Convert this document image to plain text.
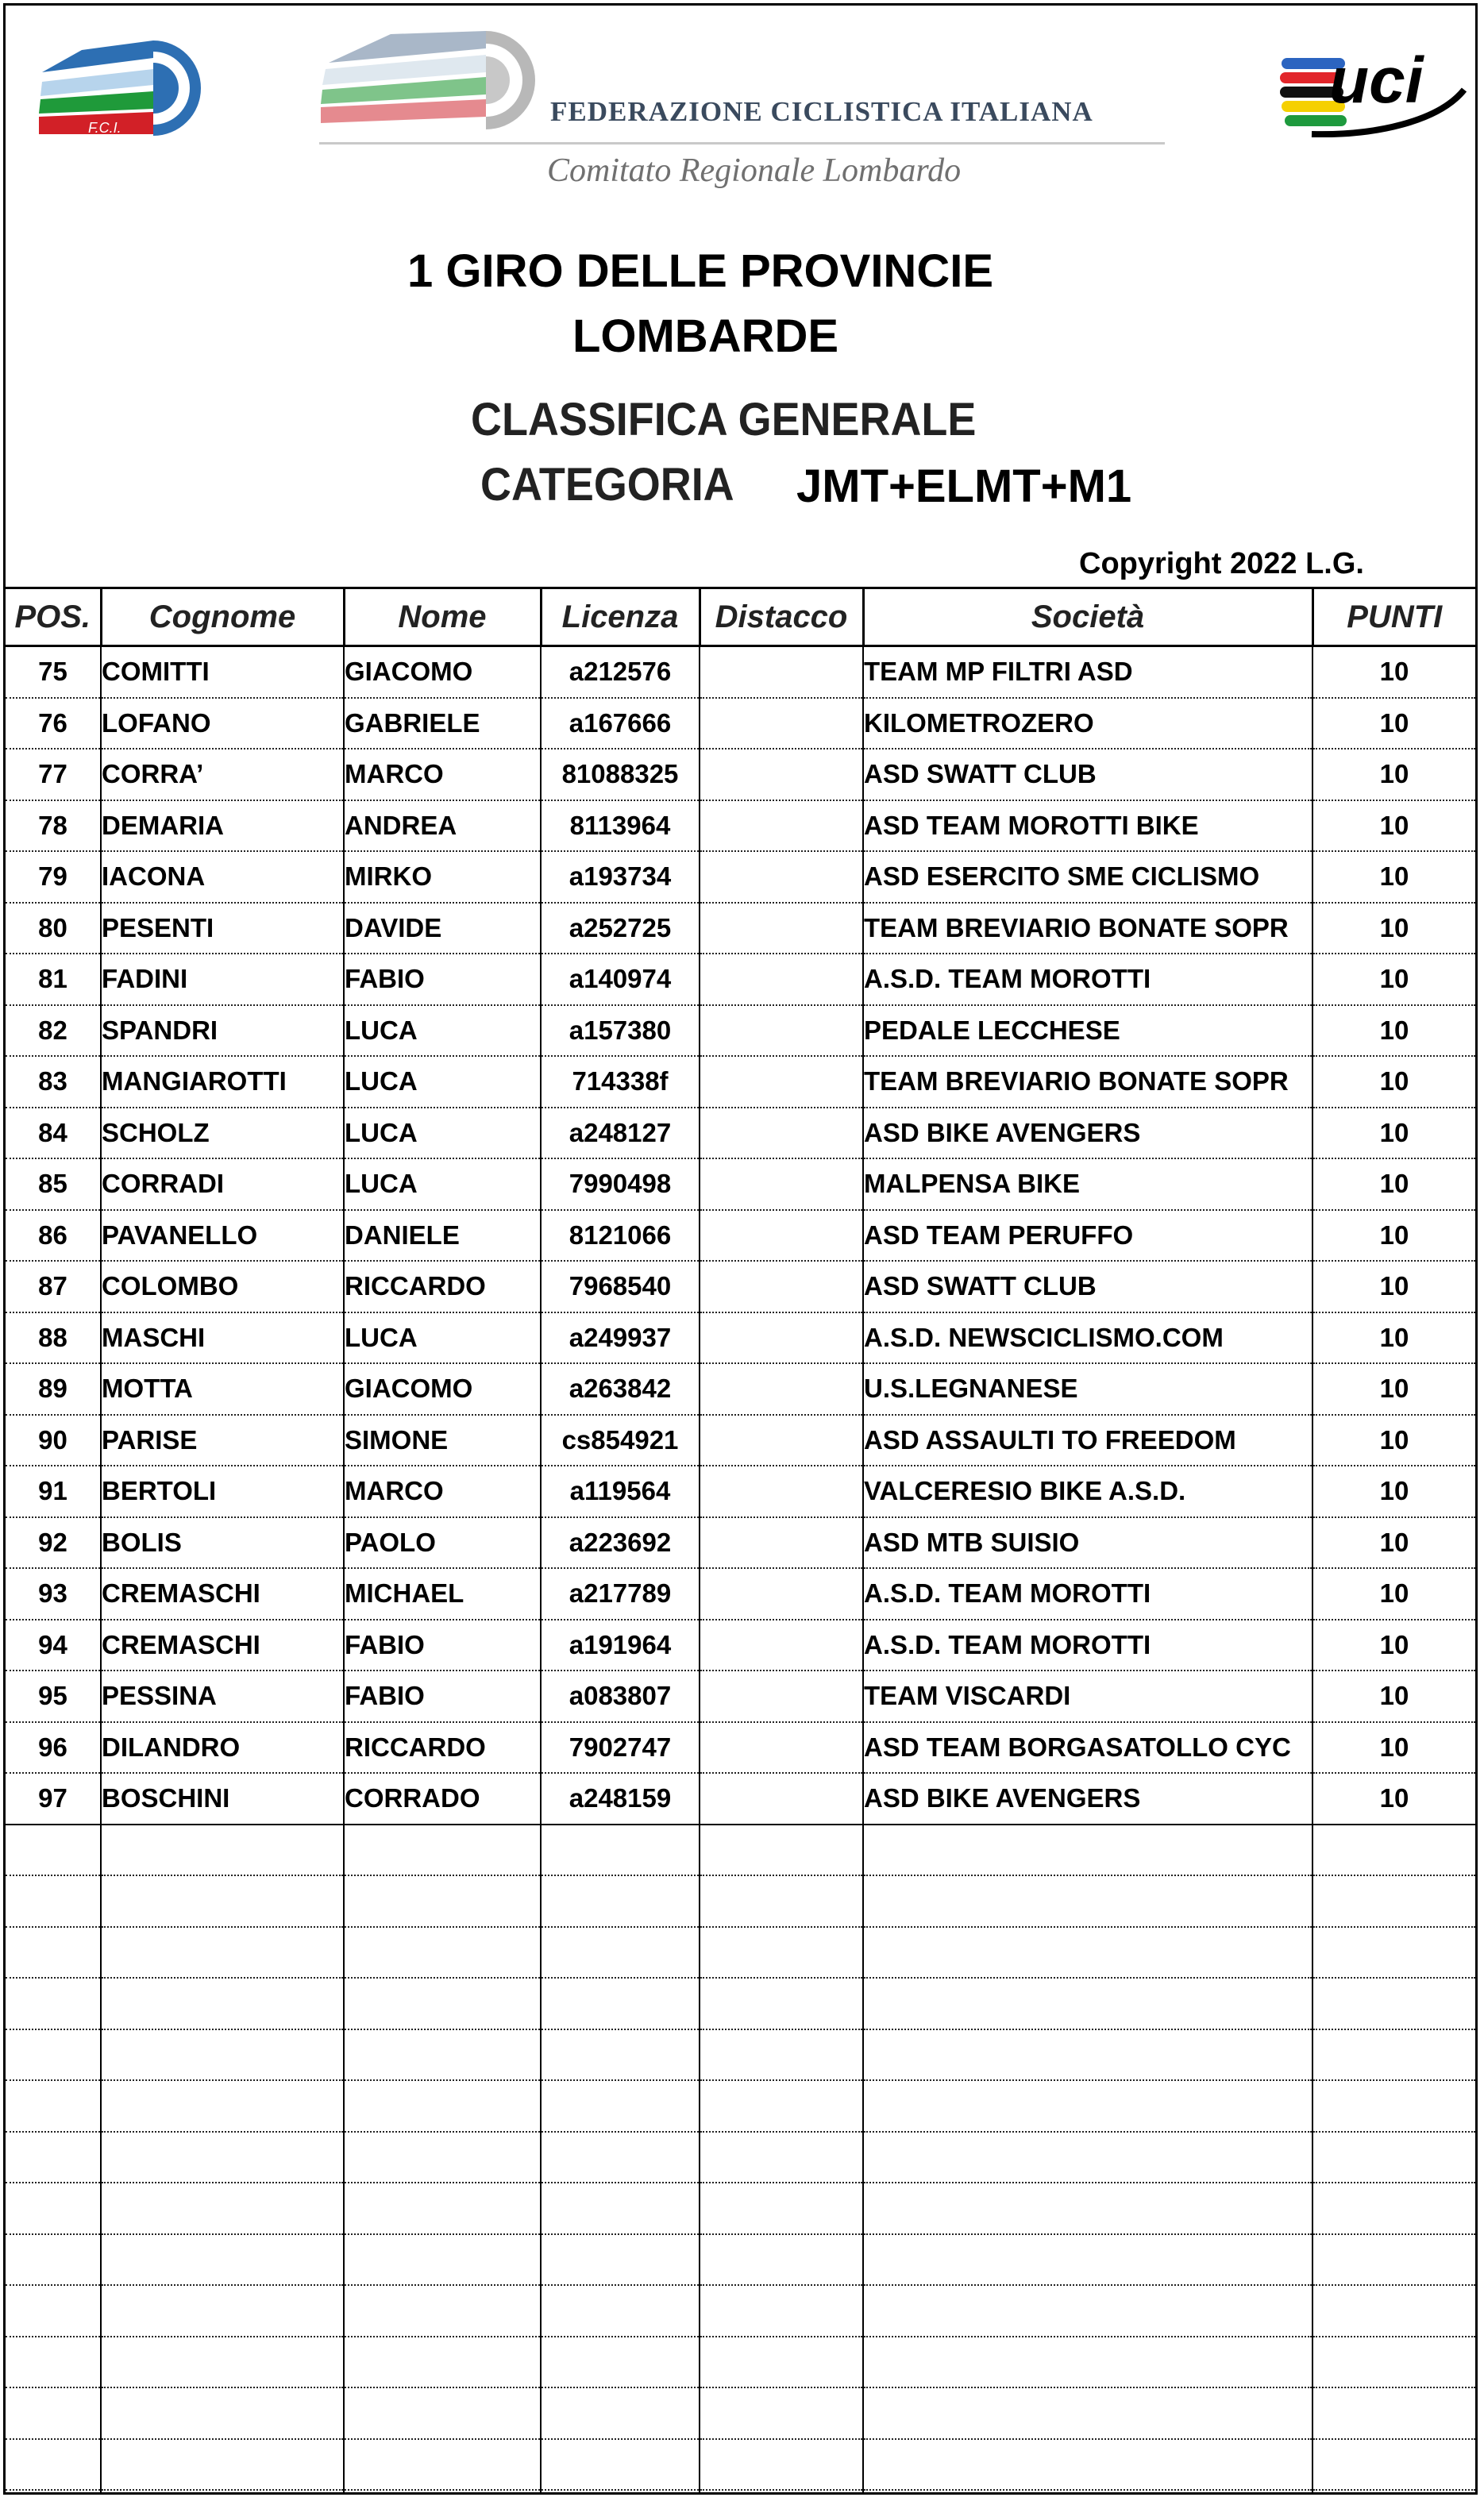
F.C.I.
FEDERAZIONE CICLISTICA ITALIANA
Comitato Regionale Lombardo
uci
1 GIRO DELLE PROVINCIE
LOMBARDE
CLASSIFICA GENERALE
CATEGORIA JMT+ELMT+M1
Copyright 2022 L.G.
POS.	Cognome	Nome	Licenza	Distacco	Società	PUNTI
75	COMITTI	GIACOMO	a212576		TEAM MP FILTRI ASD	10
76	LOFANO	GABRIELE	a167666		KILOMETROZERO	10
77	CORRA’	MARCO	81088325		ASD SWATT CLUB	10
78	DEMARIA	ANDREA	8113964		ASD TEAM MOROTTI BIKE	10
79	IACONA	MIRKO	a193734		ASD ESERCITO SME CICLISMO	10
80	PESENTI	DAVIDE	a252725		TEAM BREVIARIO BONATE SOPR	10
81	FADINI	FABIO	a140974		A.S.D. TEAM MOROTTI	10
82	SPANDRI	LUCA	a157380		PEDALE LECCHESE	10
83	MANGIAROTTI	LUCA	714338f		TEAM BREVIARIO BONATE SOPR	10
84	SCHOLZ	LUCA	a248127		ASD BIKE AVENGERS	10
85	CORRADI	LUCA	7990498		MALPENSA BIKE	10
86	PAVANELLO	DANIELE	8121066		ASD TEAM PERUFFO	10
87	COLOMBO	RICCARDO	7968540		ASD SWATT CLUB	10
88	MASCHI	LUCA	a249937		A.S.D. NEWSCICLISMO.COM	10
89	MOTTA	GIACOMO	a263842		U.S.LEGNANESE	10
90	PARISE	SIMONE	cs854921		ASD ASSAULTI TO FREEDOM	10
91	BERTOLI	MARCO	a119564		VALCERESIO BIKE A.S.D.	10
92	BOLIS	PAOLO	a223692		ASD MTB SUISIO	10
93	CREMASCHI	MICHAEL	a217789		A.S.D. TEAM MOROTTI	10
94	CREMASCHI	FABIO	a191964		A.S.D. TEAM MOROTTI	10
95	PESSINA	FABIO	a083807		TEAM VISCARDI	10
96	DILANDRO	RICCARDO	7902747		ASD TEAM BORGASATOLLO CYC	10
97	BOSCHINI	CORRADO	a248159		ASD BIKE AVENGERS	10
